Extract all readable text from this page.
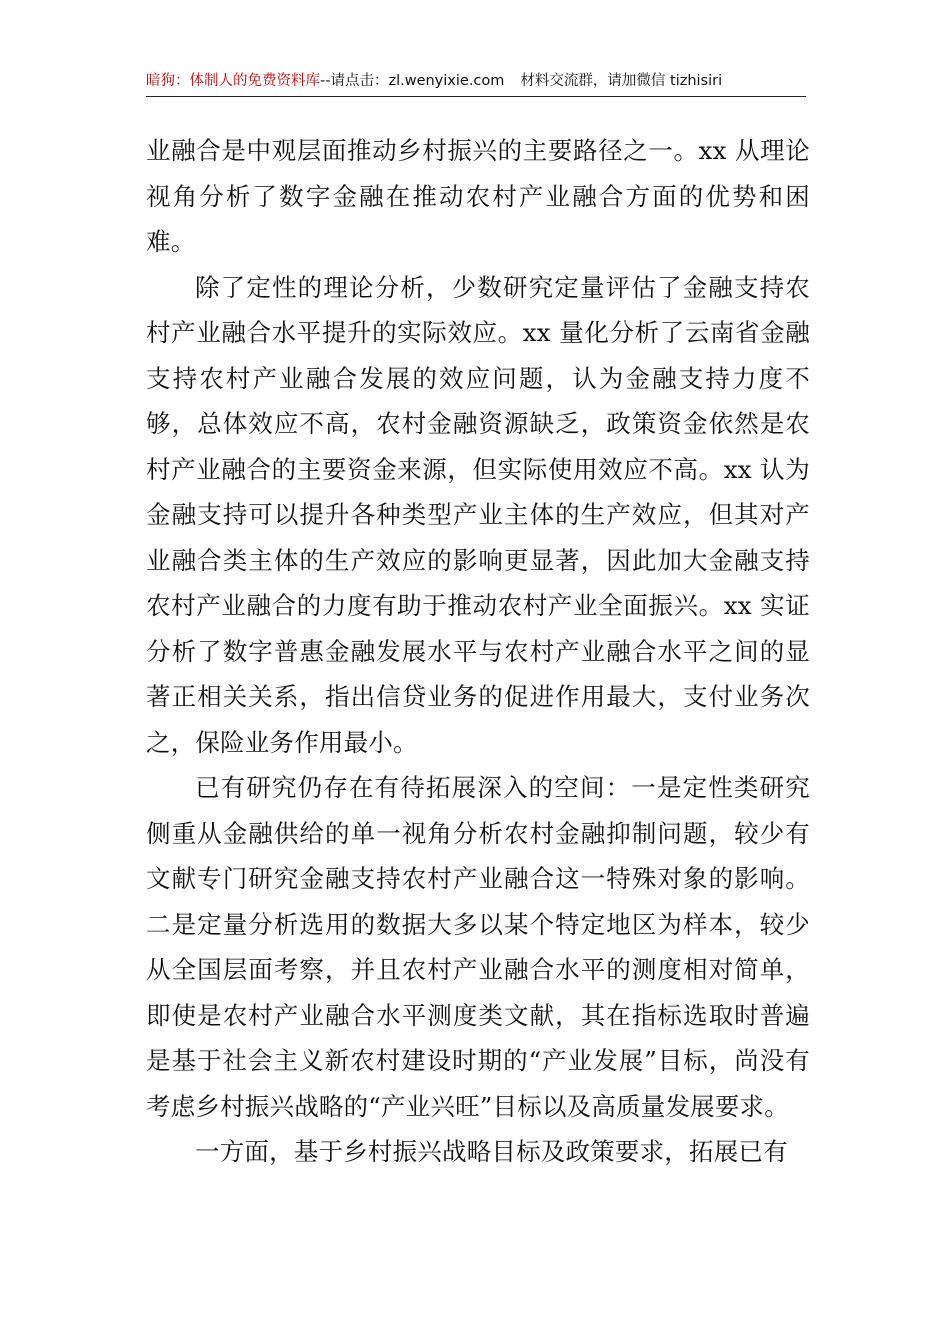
暗狗：体制人的免费资料库--请点击：zl.wenyixie.com 材料交流群，请加微信 tizhisiri

业融合是中观层面推动乡村振兴的主要路径之一。xx 从理论视角分析了数字金融在推动农村产业融合方面的优势和困难。

除了定性的理论分析，少数研究定量评估了金融支持农村产业融合水平提升的实际效应。xx 量化分析了云南省金融支持农村产业融合发展的效应问题，认为金融支持力度不够，总体效应不高，农村金融资源缺乏，政策资金依然是农村产业融合的主要资金来源，但实际使用效应不高。xx 认为金融支持可以提升各种类型产业主体的生产效应，但其对产业融合类主体的生产效应的影响更显著，因此加大金融支持农村产业融合的力度有助于推动农村产业全面振兴。xx 实证分析了数字普惠金融发展水平与农村产业融合水平之间的显著正相关关系，指出信贷业务的促进作用最大，支付业务次之，保险业务作用最小。

已有研究仍存在有待拓展深入的空间：一是定性类研究侧重从金融供给的单一视角分析农村金融抑制问题，较少有文献专门研究金融支持农村产业融合这一特殊对象的影响。二是定量分析选用的数据大多以某个特定地区为样本，较少从全国层面考察，并且农村产业融合水平的测度相对简单，即使是农村产业融合水平测度类文献，其在指标选取时普遍是基于社会主义新农村建设时期的“产业发展”目标，尚没有考虑乡村振兴战略的“产业兴旺”目标以及高质量发展要求。

一方面，基于乡村振兴战略目标及政策要求，拓展已有
